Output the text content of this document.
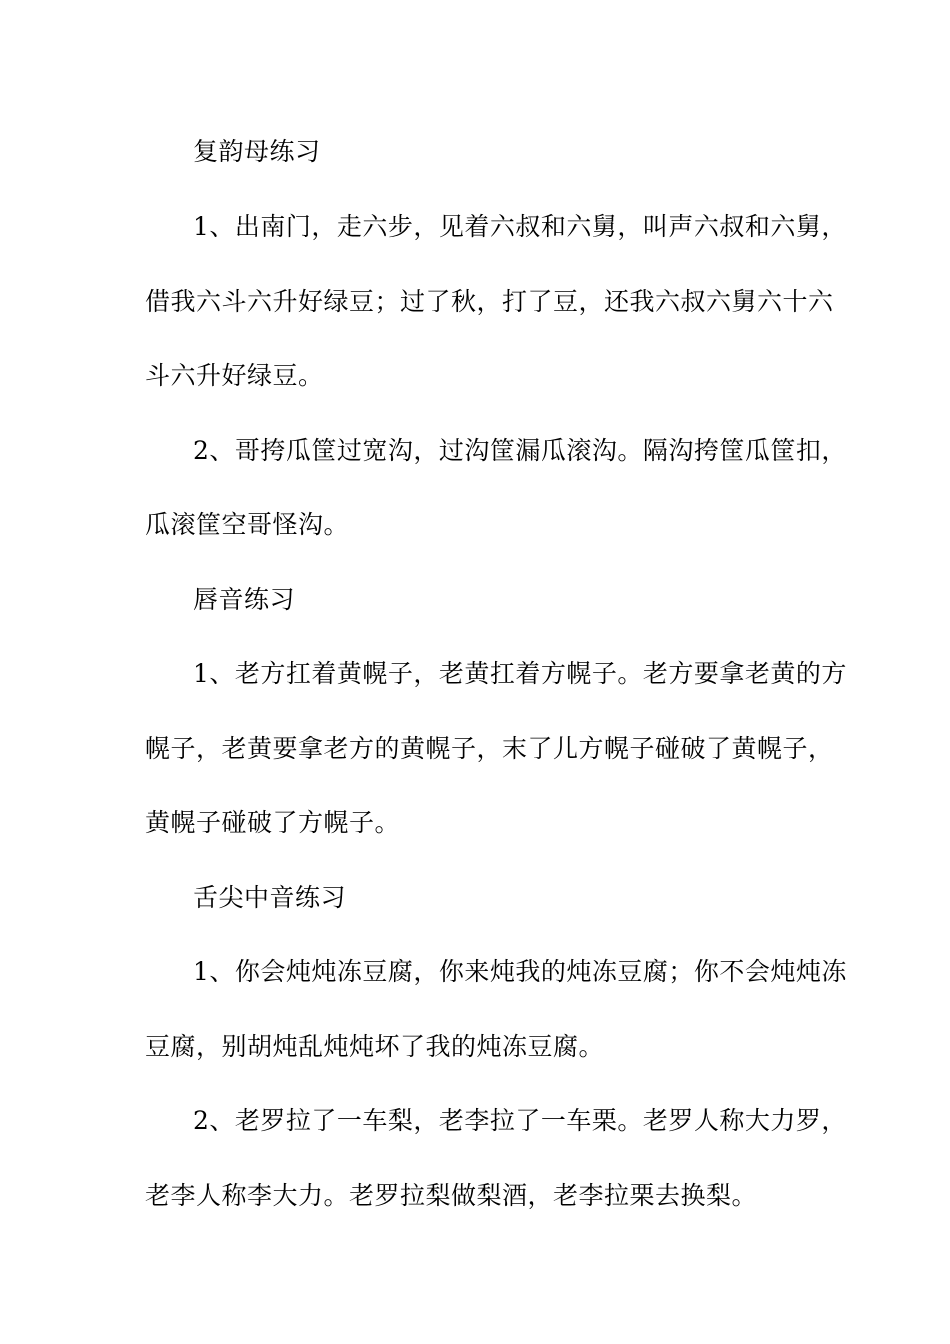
复韵母练习
1、出南门，走六步，见着六叔和六舅，叫声六叔和六舅，
借我六斗六升好绿豆；过了秋，打了豆，还我六叔六舅六十六
斗六升好绿豆。
2、哥挎瓜筐过宽沟，过沟筐漏瓜滚沟。隔沟挎筐瓜筐扣，
瓜滚筐空哥怪沟。
唇音练习
1、老方扛着黄幌子，老黄扛着方幌子。老方要拿老黄的方
幌子，老黄要拿老方的黄幌子，末了儿方幌子碰破了黄幌子，
黄幌子碰破了方幌子。
舌尖中音练习
1、你会炖炖冻豆腐，你来炖我的炖冻豆腐；你不会炖炖冻
豆腐，别胡炖乱炖炖坏了我的炖冻豆腐。
2、老罗拉了一车梨，老李拉了一车栗。老罗人称大力罗，
老李人称李大力。老罗拉梨做梨酒，老李拉栗去换梨。
